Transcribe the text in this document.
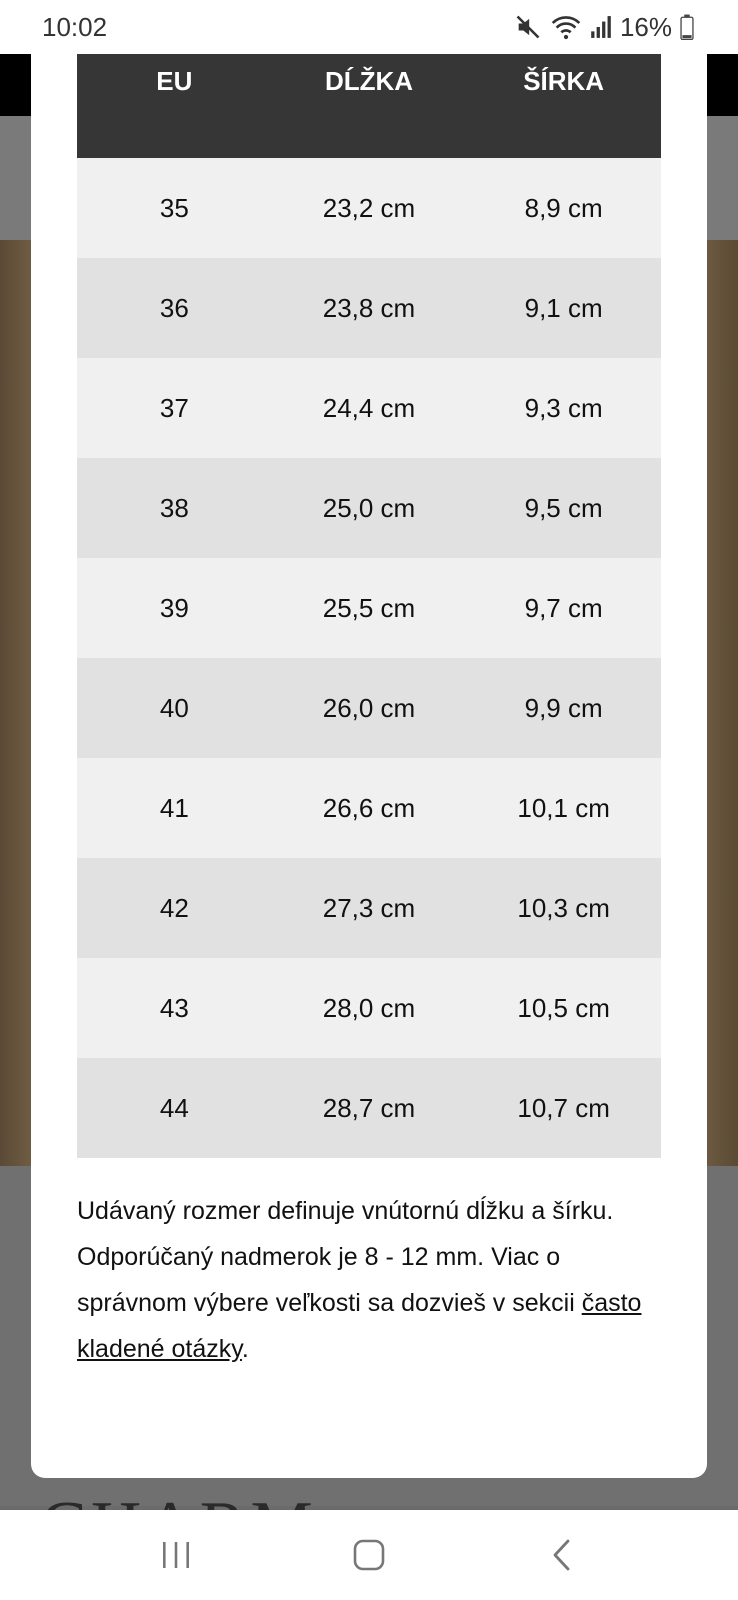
10:02	16%
EU	DĹŽKA	ŠÍRKA
35	23,2 cm	8,9 cm
36	23,8 cm	9,1 cm
37	24,4 cm	9,3 cm
38	25,0 cm	9,5 cm
39	25,5 cm	9,7 cm
40	26,0 cm	9,9 cm
41	26,6 cm	10,1 cm
42	27,3 cm	10,3 cm
43	28,0 cm	10,5 cm
44	28,7 cm	10,7 cm

Udávaný rozmer definuje vnútornú dĺžku a šírku. Odporúčaný nadmerok je 8 - 12 mm. Viac o správnom výbere veľkosti sa dozvieš v sekcii často kladené otázky.
